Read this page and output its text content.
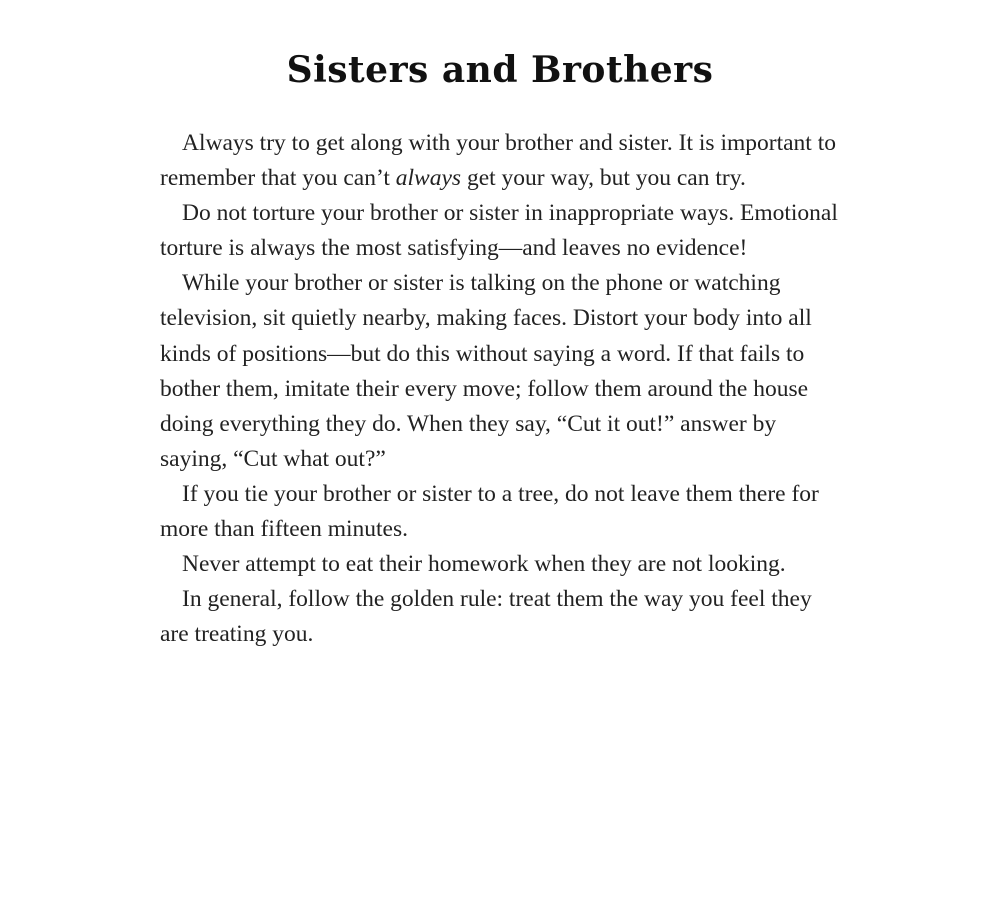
Sisters and Brothers

Always try to get along with your brother and sister. It is important to remember that you can’t always get your way, but you can try.

Do not torture your brother or sister in inappropriate ways. Emotional torture is always the most satisfying—and leaves no evidence!

While your brother or sister is talking on the phone or watching television, sit quietly nearby, making faces. Distort your body into all kinds of positions—but do this without saying a word. If that fails to bother them, imitate their every move; follow them around the house doing everything they do. When they say, “Cut it out!” answer by saying, “Cut what out?”

If you tie your brother or sister to a tree, do not leave them there for more than fifteen minutes.

Never attempt to eat their homework when they are not looking.

In general, follow the golden rule: treat them the way you feel they are treating you.
